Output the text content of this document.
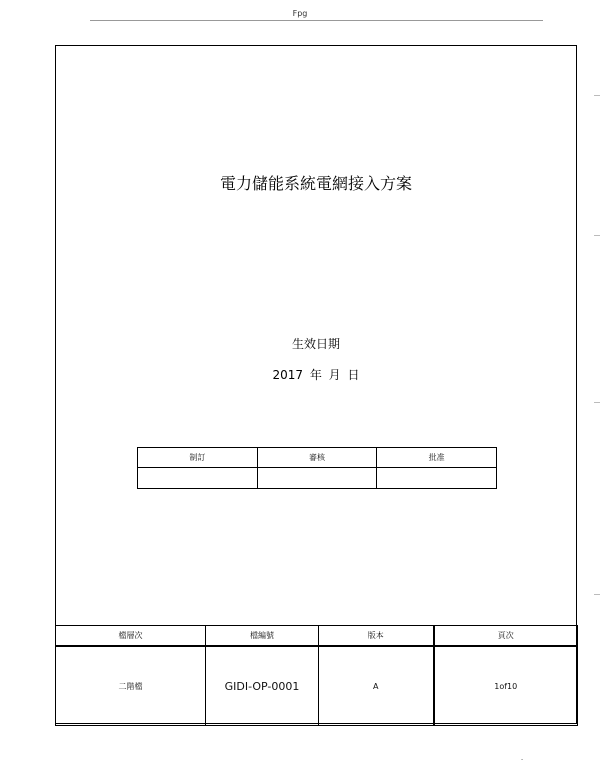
Fpg
電力儲能系統電網接入方案
生效日期
2017 年 月 日
制訂	審核	批准

檔層次	檔編號	版本	頁次
二階檔	GIDI-OP-0001	A	1of10
-
